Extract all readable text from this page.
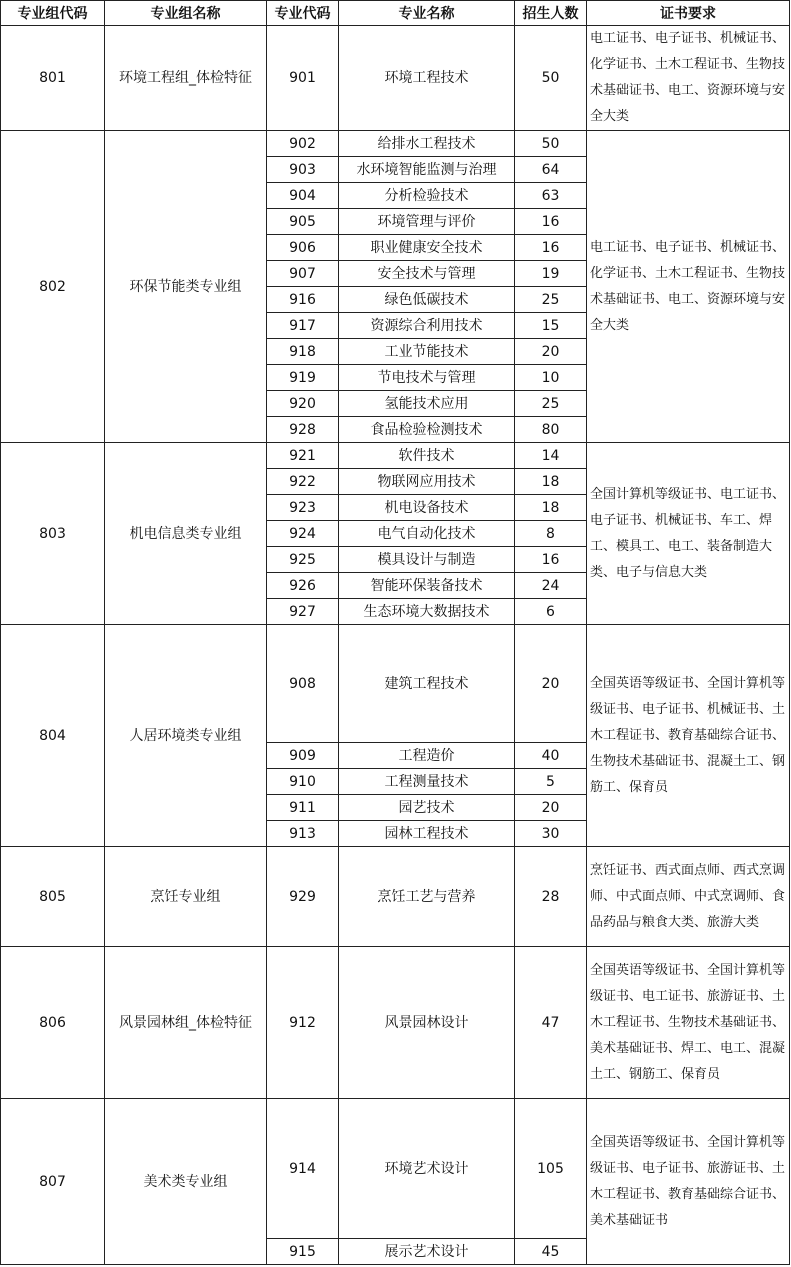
专业组代码	专业组名称	专业代码	专业名称	招生人数	证书要求
801	环境工程组_体检特征	901	环境工程技术	50	电工证书、电子证书、机械证书、化学证书、土木工程证书、生物技术基础证书、电工、资源环境与安全大类
802	环保节能类专业组	902	给排水工程技术	50	电工证书、电子证书、机械证书、化学证书、土木工程证书、生物技术基础证书、电工、资源环境与安全大类
		903	水环境智能监测与治理	64	
		904	分析检验技术	63	
		905	环境管理与评价	16	
		906	职业健康安全技术	16	
		907	安全技术与管理	19	
		916	绿色低碳技术	25	
		917	资源综合利用技术	15	
		918	工业节能技术	20	
		919	节电技术与管理	10	
		920	氢能技术应用	25	
		928	食品检验检测技术	80	
803	机电信息类专业组	921	软件技术	14	全国计算机等级证书、电工证书、电子证书、机械证书、车工、焊工、模具工、电工、装备制造大类、电子与信息大类
		922	物联网应用技术	18	
		923	机电设备技术	18	
		924	电气自动化技术	8	
		925	模具设计与制造	16	
		926	智能环保装备技术	24	
		927	生态环境大数据技术	6	
804	人居环境类专业组	908	建筑工程技术	20	全国英语等级证书、全国计算机等级证书、电子证书、机械证书、土木工程证书、教育基础综合证书、生物技术基础证书、混凝土工、钢筋工、保育员
		909	工程造价	40	
		910	工程测量技术	5	
		911	园艺技术	20	
		913	园林工程技术	30	
805	烹饪专业组	929	烹饪工艺与营养	28	烹饪证书、西式面点师、西式烹调师、中式面点师、中式烹调师、食品药品与粮食大类、旅游大类
806	风景园林组_体检特征	912	风景园林设计	47	全国英语等级证书、全国计算机等级证书、电工证书、旅游证书、土木工程证书、生物技术基础证书、美术基础证书、焊工、电工、混凝土工、钢筋工、保育员
807	美术类专业组	914	环境艺术设计	105	全国英语等级证书、全国计算机等级证书、电子证书、旅游证书、土木工程证书、教育基础综合证书、美术基础证书
		915	展示艺术设计	45	
